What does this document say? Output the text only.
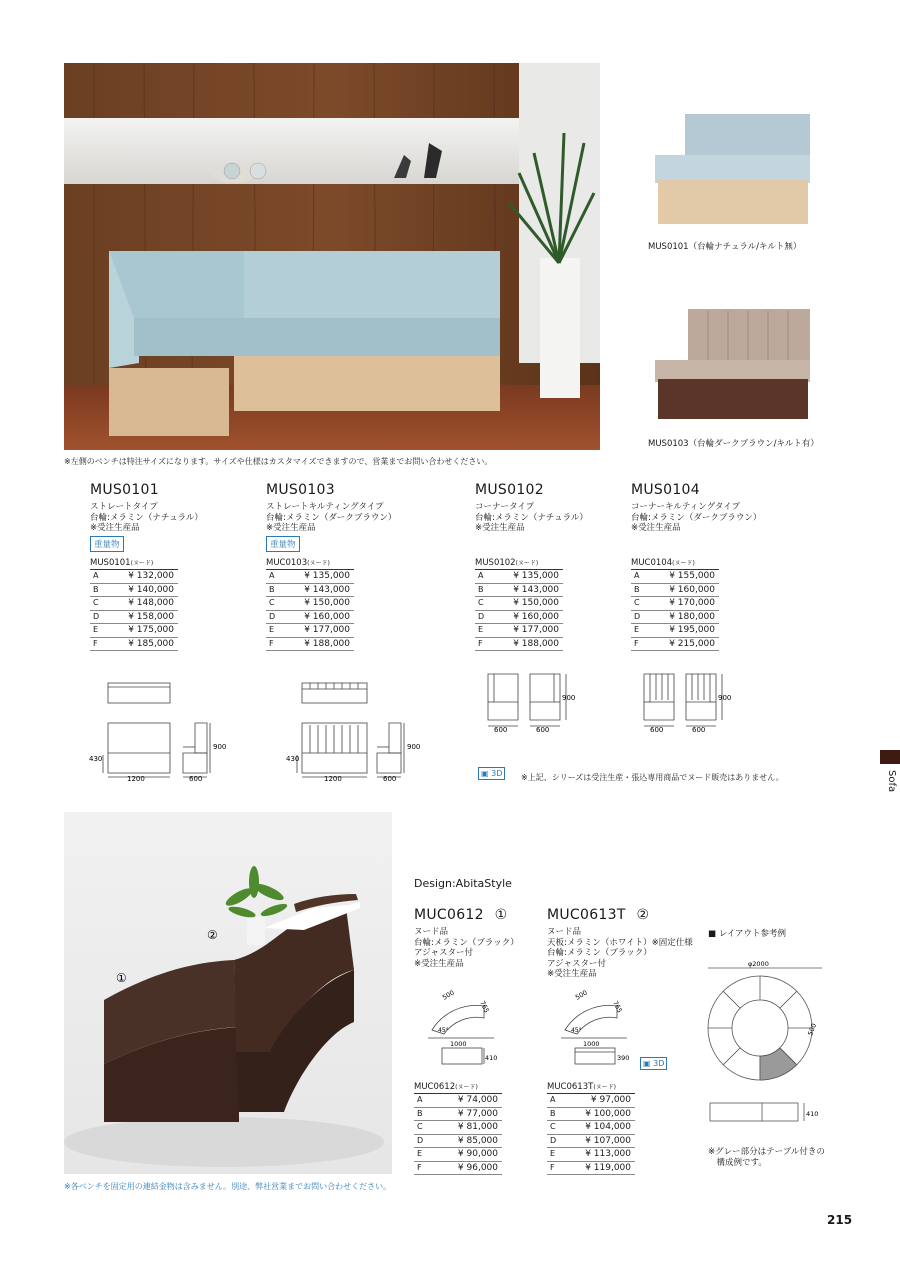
MUS0101（台輪ナチュラル/キルト無）
MUS0103（台輪ダークブラウン/キルト有）
※左側のベンチは特注サイズになります。サイズや仕様はカスタマイズできますので、営業までお問い合わせください。
MUS0101
ストレートタイプ
台輪:メラミン（ナチュラル）
※受注生産品
重量物
MUS0103
ストレートキルティングタイプ
台輪:メラミン（ダークブラウン）
※受注生産品
重量物
MUS0102
コーナータイプ
台輪:メラミン（ナチュラル）
※受注生産品
MUS0104
コーナーキルティングタイプ
台輪:メラミン（ダークブラウン）
※受注生産品
MUS0101(ヌード)
A	¥ 132,000
B	¥ 140,000
C	¥ 148,000
D	¥ 158,000
E	¥ 175,000
F	¥ 185,000
MUC0103(ヌード)
A	¥ 135,000
B	¥ 143,000
C	¥ 150,000
D	¥ 160,000
E	¥ 177,000
F	¥ 188,000
MUS0102(ヌード)
A	¥ 135,000
B	¥ 143,000
C	¥ 150,000
D	¥ 160,000
E	¥ 177,000
F	¥ 188,000
MUC0104(ヌード)
A	¥ 155,000
B	¥ 160,000
C	¥ 170,000
D	¥ 180,000
E	¥ 195,000
F	¥ 215,000
430
1200	600
900
430
1200	600
900
600	600
900
600	600
900
▣ 3D	※上記、シリーズは受注生産・張込専用商品でヌード販売はありません。	Sofa
①
②
※各ベンチを固定用の連結金物は含みません。別途、弊社営業までお問い合わせください。
Design:AbitaStyle
MUC0612 ①
ヌード品
台輪:メラミン（ブラック）
アジャスター付
※受注生産品
MUC0613T ②
ヌード品
天板:メラミン（ホワイト）※固定仕様
台輪:メラミン（ブラック）
アジャスター付
※受注生産品
500
765
45°
1000
410
500
765
45°
1000
390
▣ 3D
MUC0612(ヌード)
A	¥ 74,000
B	¥ 77,000
C	¥ 81,000
D	¥ 85,000
E	¥ 90,000
F	¥ 96,000
MUC0613T(ヌード)
A	¥ 97,000
B	¥ 100,000
C	¥ 104,000
D	¥ 107,000
E	¥ 113,000
F	¥ 119,000
■ レイアウト参考例
φ2000
500
410
※グレー部分はテーブル付きの
　構成例です。
215
